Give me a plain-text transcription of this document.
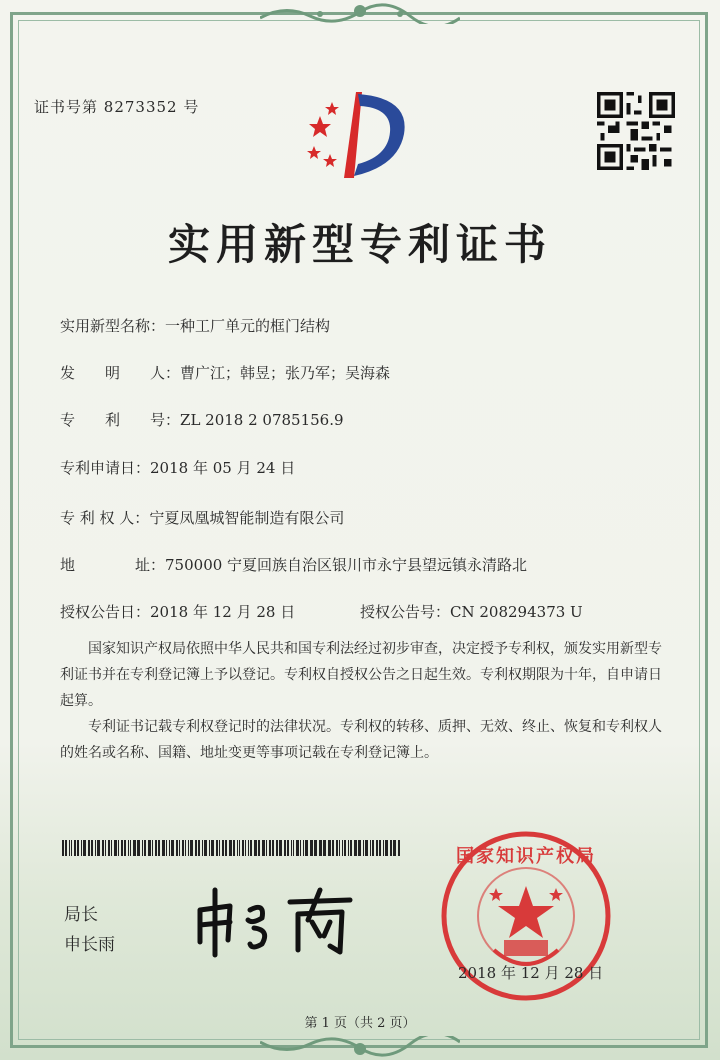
证书号第 8273352 号
实用新型专利证书
实用新型名称：一种工厂单元的框门结构
发　　明　　人：曹广江；韩昱；张乃军；吴海森
专　　利　　号：ZL 2018 2 0785156.9
专利申请日：2018 年 05 月 24 日
专 利 权 人：宁夏凤凰城智能制造有限公司
地　　　　址：750000 宁夏回族自治区银川市永宁县望远镇永清路北
授权公告日：2018 年 12 月 28 日	授权公告号：CN 208294373 U

国家知识产权局依照中华人民共和国专利法经过初步审查，决定授予专利权，颁发实用新型专利证书并在专利登记簿上予以登记。专利权自授权公告之日起生效。专利权期限为十年，自申请日起算。

专利证书记载专利权登记时的法律状况。专利权的转移、质押、无效、终止、恢复和专利权人的姓名或名称、国籍、地址变更等事项记载在专利登记簿上。

局长
申长雨
国家知识产权局
2018 年 12 月 28 日
第 1 页（共 2 页）
